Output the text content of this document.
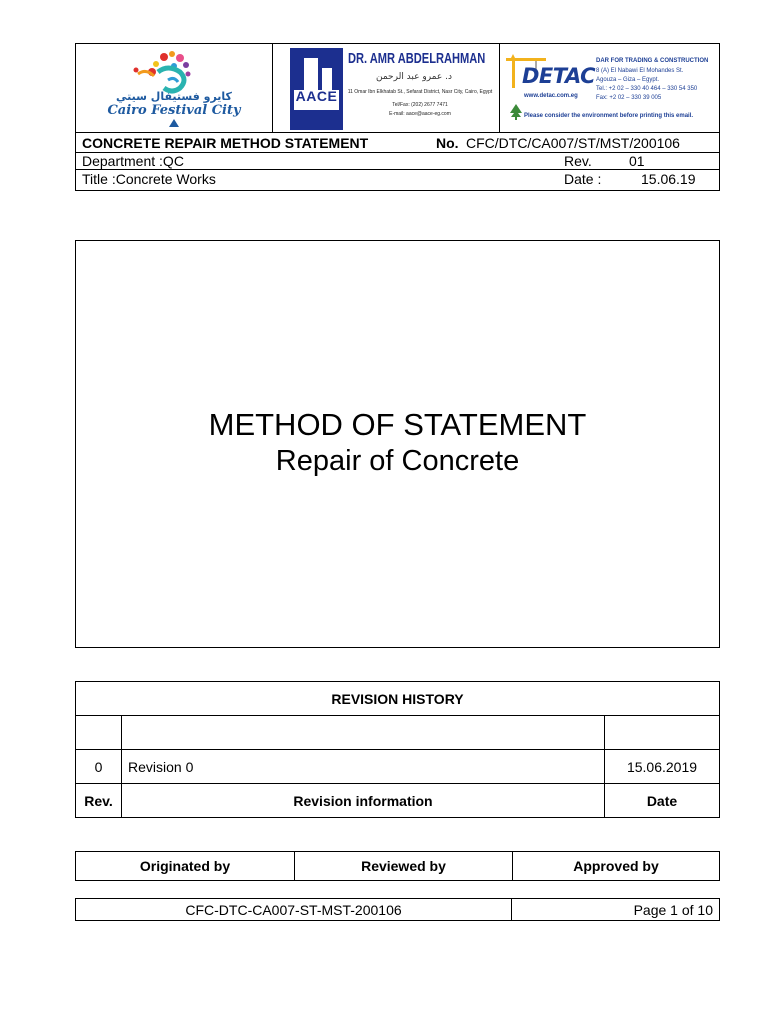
كايرو فستيفال سيتي
Cairo Festival City
AACE
DR. AMR ABDELRAHMAN
د. عمرو عبد الرحمن
11 Omar Ibn Elkhatab St., Sefarat District, Nasr City, Cairo, Egypt
Tel/Fax: (202) 2677 7471
E-mail: aace@aace-eg.com
DETAC
www.detac.com.eg
DAR FOR TRADING & CONSTRUCTION
8 (A) El Nabawi El Mohandes St.
Agouza – Giza – Egypt.
Tel.: +2 02 – 330 40 464 – 330 54 350
Fax: +2 02 – 330 39 005
Please consider the environment before printing this email.
CONCRETE REPAIR METHOD STATEMENT	No. CFC/DTC/CA007/ST/MST/200106
Department :QC	Rev.	01
Title :Concrete Works	Date :	15.06.19
METHOD OF STATEMENT
Repair of Concrete
REVISION HISTORY
0	Revision 0	15.06.2019
Rev.	Revision information	Date
Originated by	Reviewed by	Approved by
CFC-DTC-CA007-ST-MST-200106	Page 1 of 10
